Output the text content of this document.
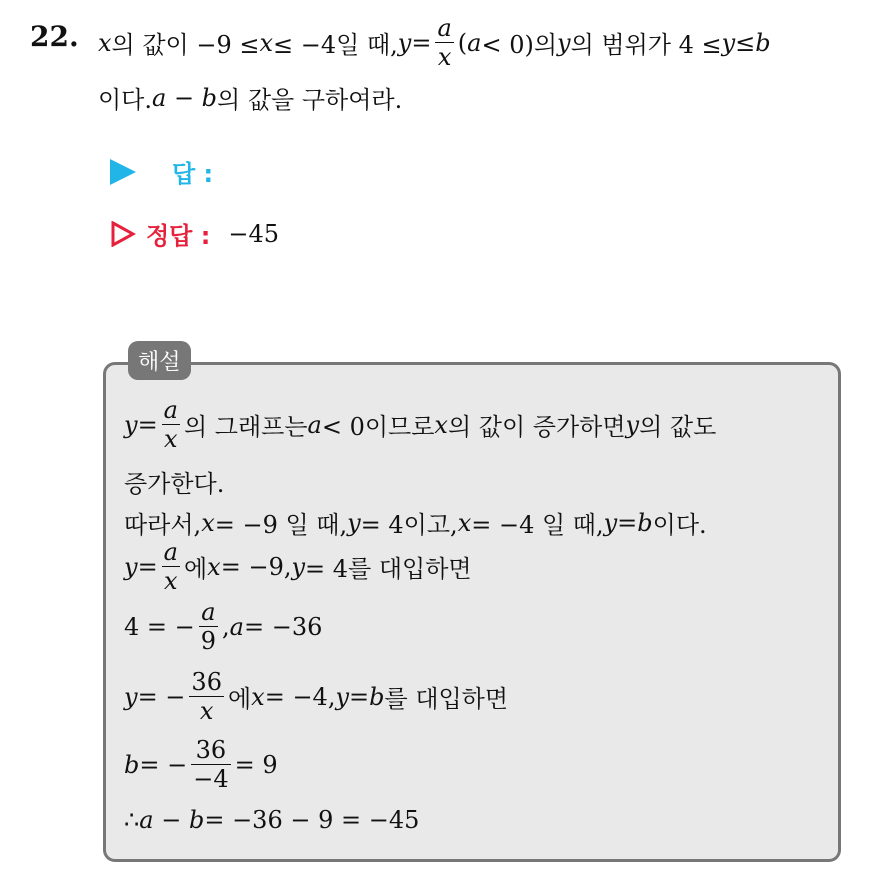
22. x 의 값이 −9 ≤ x ≤ −4일 때, $y = \frac{a}{x}$ ( a < 0)의 y 의 범위가 4 ≤ y ≤ b
이다. a − b 의 값을 구하여라.
답 :
정답 : −45
해설
$y = \frac{a}{x}$ 의 그래프는 a < 0이므로 x 의 값이 증가하면 y 의 값도
증가한다.
따라서, x = −9 일 때, y = 4이고, x = −4 일 때, y = b 이다.
$y = \frac{a}{x}$ 에 x = −9, y = 4를 대입하면
4 = − $\frac{a}{9}$ , a = −36
y = − $\frac{36}{x}$ 에 x = −4, y = b 를 대입하면
b = − $\frac{36}{-4} = 9$
∴ a − b = −36 − 9 = −45
